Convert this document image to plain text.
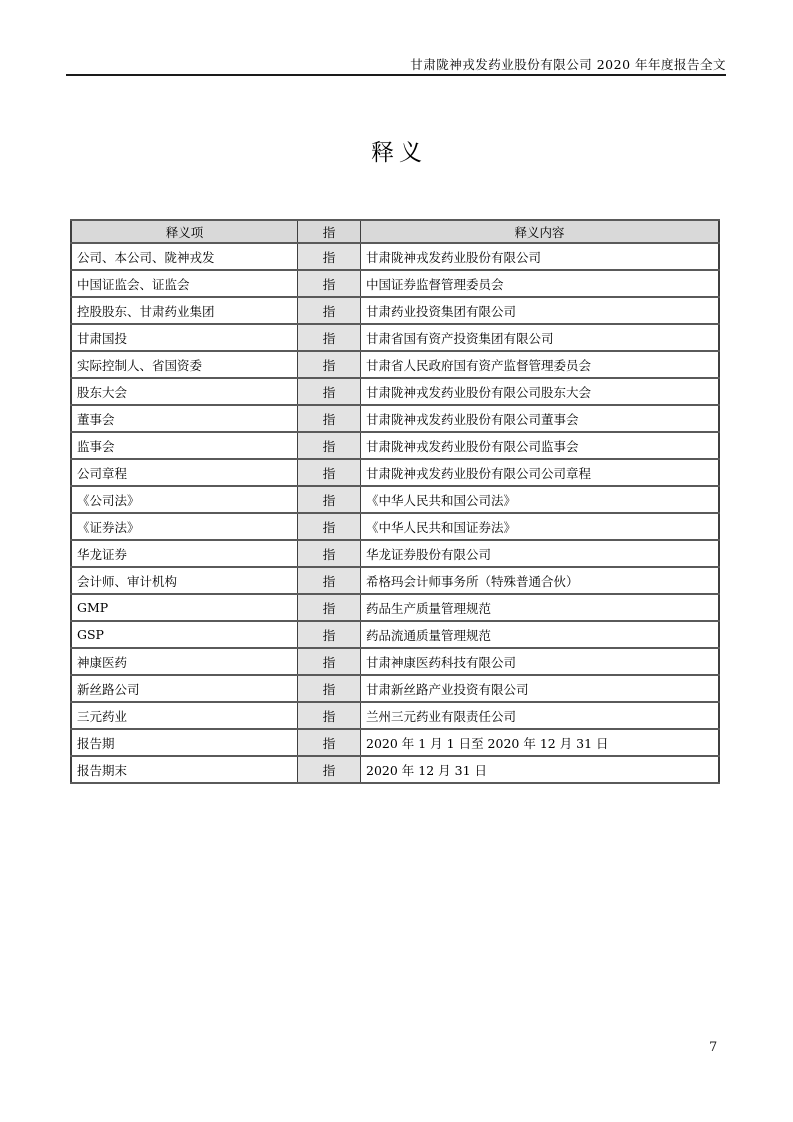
甘肃陇神戎发药业股份有限公司 2020 年年度报告全文
释义
释义项	指	释义内容
公司、本公司、陇神戎发	指	甘肃陇神戎发药业股份有限公司
中国证监会、证监会	指	中国证券监督管理委员会
控股股东、甘肃药业集团	指	甘肃药业投资集团有限公司
甘肃国投	指	甘肃省国有资产投资集团有限公司
实际控制人、省国资委	指	甘肃省人民政府国有资产监督管理委员会
股东大会	指	甘肃陇神戎发药业股份有限公司股东大会
董事会	指	甘肃陇神戎发药业股份有限公司董事会
监事会	指	甘肃陇神戎发药业股份有限公司监事会
公司章程	指	甘肃陇神戎发药业股份有限公司公司章程
《公司法》	指	《中华人民共和国公司法》
《证券法》	指	《中华人民共和国证券法》
华龙证券	指	华龙证券股份有限公司
会计师、审计机构	指	希格玛会计师事务所（特殊普通合伙）
GMP	指	药品生产质量管理规范
GSP	指	药品流通质量管理规范
神康医药	指	甘肃神康医药科技有限公司
新丝路公司	指	甘肃新丝路产业投资有限公司
三元药业	指	兰州三元药业有限责任公司
报告期	指	2020 年 1 月 1 日至 2020 年 12 月 31 日
报告期末	指	2020 年 12 月 31 日
7
